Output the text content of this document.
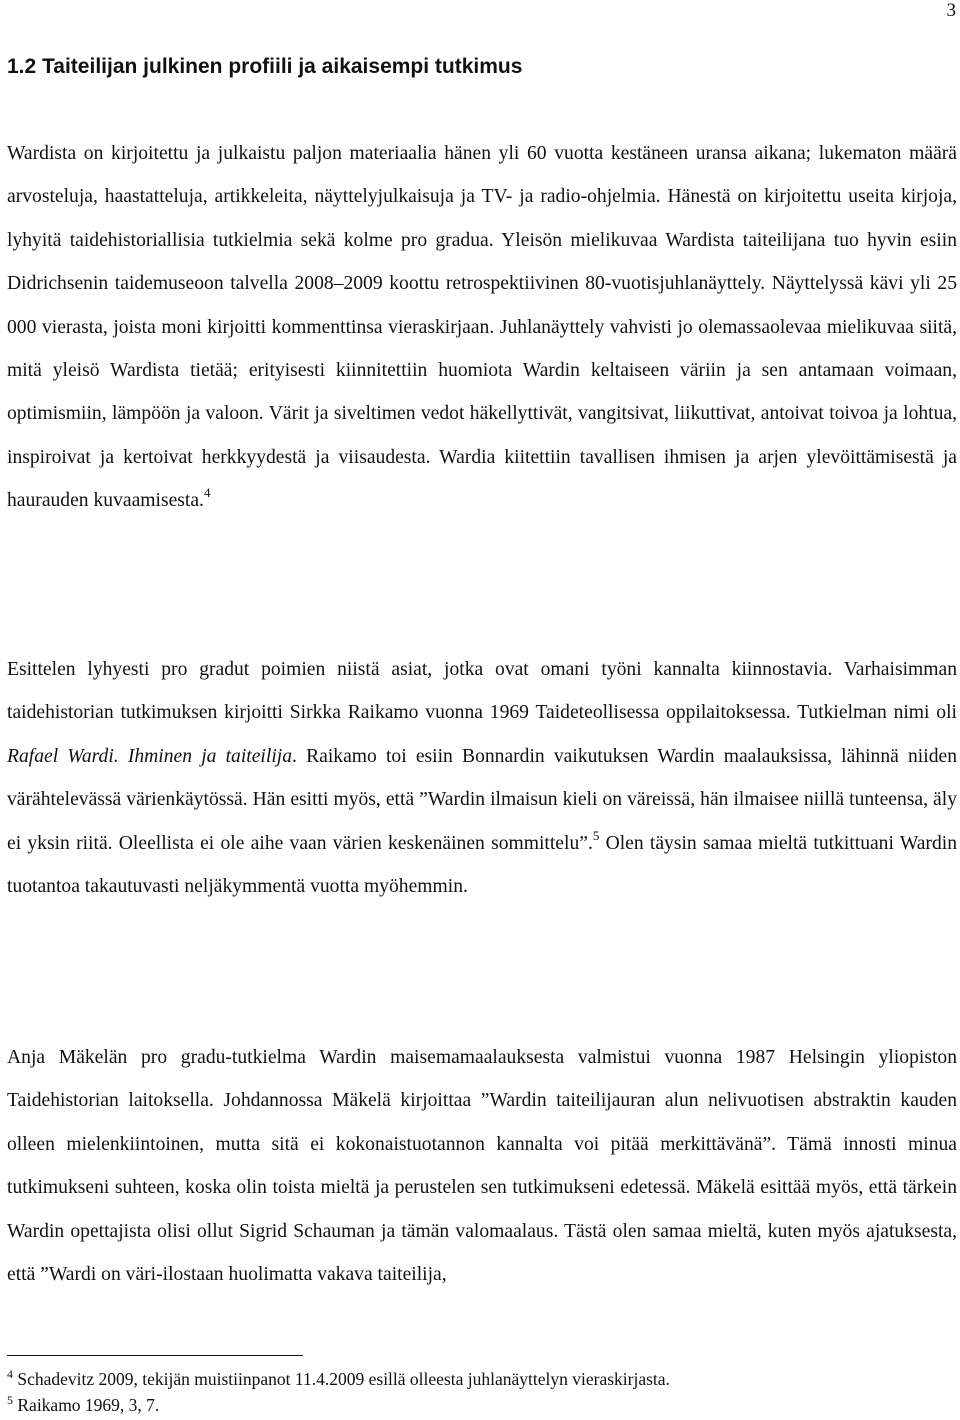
3
1.2 Taiteilijan julkinen profiili ja aikaisempi tutkimus

Wardista on kirjoitettu ja julkaistu paljon materiaalia hänen yli 60 vuotta kestäneen uransa aikana; lukematon määrä arvosteluja, haastatteluja, artikkeleita, näyttelyjulkaisuja ja TV- ja radio-ohjelmia. Hänestä on kirjoitettu useita kirjoja, lyhyitä taidehistoriallisia tutkielmia sekä kolme pro gradua. Yleisön mielikuvaa Wardista taiteilijana tuo hyvin esiin Didrichsenin taidemuseoon talvella 2008–2009 koottu retrospektiivinen 80-vuotisjuhlanäyttely. Näyttelyssä kävi yli 25 000 vierasta, joista moni kirjoitti kommenttinsa vieraskirjaan. Juhlanäyttely vahvisti jo olemassaolevaa mielikuvaa siitä, mitä yleisö Wardista tietää; erityisesti kiinnitettiin huomiota Wardin keltaiseen väriin ja sen antamaan voimaan, optimismiin, lämpöön ja valoon. Värit ja siveltimen vedot häkellyttivät, vangitsivat, liikuttivat, antoivat toivoa ja lohtua, inspiroivat ja kertoivat herkkyydestä ja viisaudesta. Wardia kiitettiin tavallisen ihmisen ja arjen ylevöittämisestä ja haurauden kuvaamisesta.$^4$

Esittelen lyhyesti pro gradut poimien niistä asiat, jotka ovat omani työni kannalta kiinnostavia. Varhaisimman taidehistorian tutkimuksen kirjoitti Sirkka Raikamo vuonna 1969 Taideteollisessa oppilaitoksessa. Tutkielman nimi oli Rafael Wardi. Ihminen ja taiteilija. Raikamo toi esiin Bonnardin vaikutuksen Wardin maalauksissa, lähinnä niiden värähtelevässä värienkäytössä. Hän esitti myös, että ”Wardin ilmaisun kieli on väreissä, hän ilmaisee niillä tunteensa, äly ei yksin riitä. Oleellista ei ole aihe vaan värien keskenäinen sommittelu”.$^5$ Olen täysin samaa mieltä tutkittuani Wardin tuotantoa takautuvasti neljäkymmentä vuotta myöhemmin.

Anja Mäkelän pro gradu-tutkielma Wardin maisemamaalauksesta valmistui vuonna 1987 Helsingin yliopiston Taidehistorian laitoksella. Johdannossa Mäkelä kirjoittaa ”Wardin taiteilijauran alun nelivuotisen abstraktin kauden olleen mielenkiintoinen, mutta sitä ei kokonaistuotannon kannalta voi pitää merkittävänä”. Tämä innosti minua tutkimukseni suhteen, koska olin toista mieltä ja perustelen sen tutkimukseni edetessä. Mäkelä esittää myös, että tärkein Wardin opettajista olisi ollut Sigrid Schauman ja tämän valomaalaus. Tästä olen samaa mieltä, kuten myös ajatuksesta, että ”Wardi on väri-ilostaan huolimatta vakava taiteilija,

$^4$ Schadevitz 2009, tekijän muistiinpanot 11.4.2009 esillä olleesta juhlanäyttelyn vieraskirjasta.

$^5$ Raikamo 1969, 3, 7.
